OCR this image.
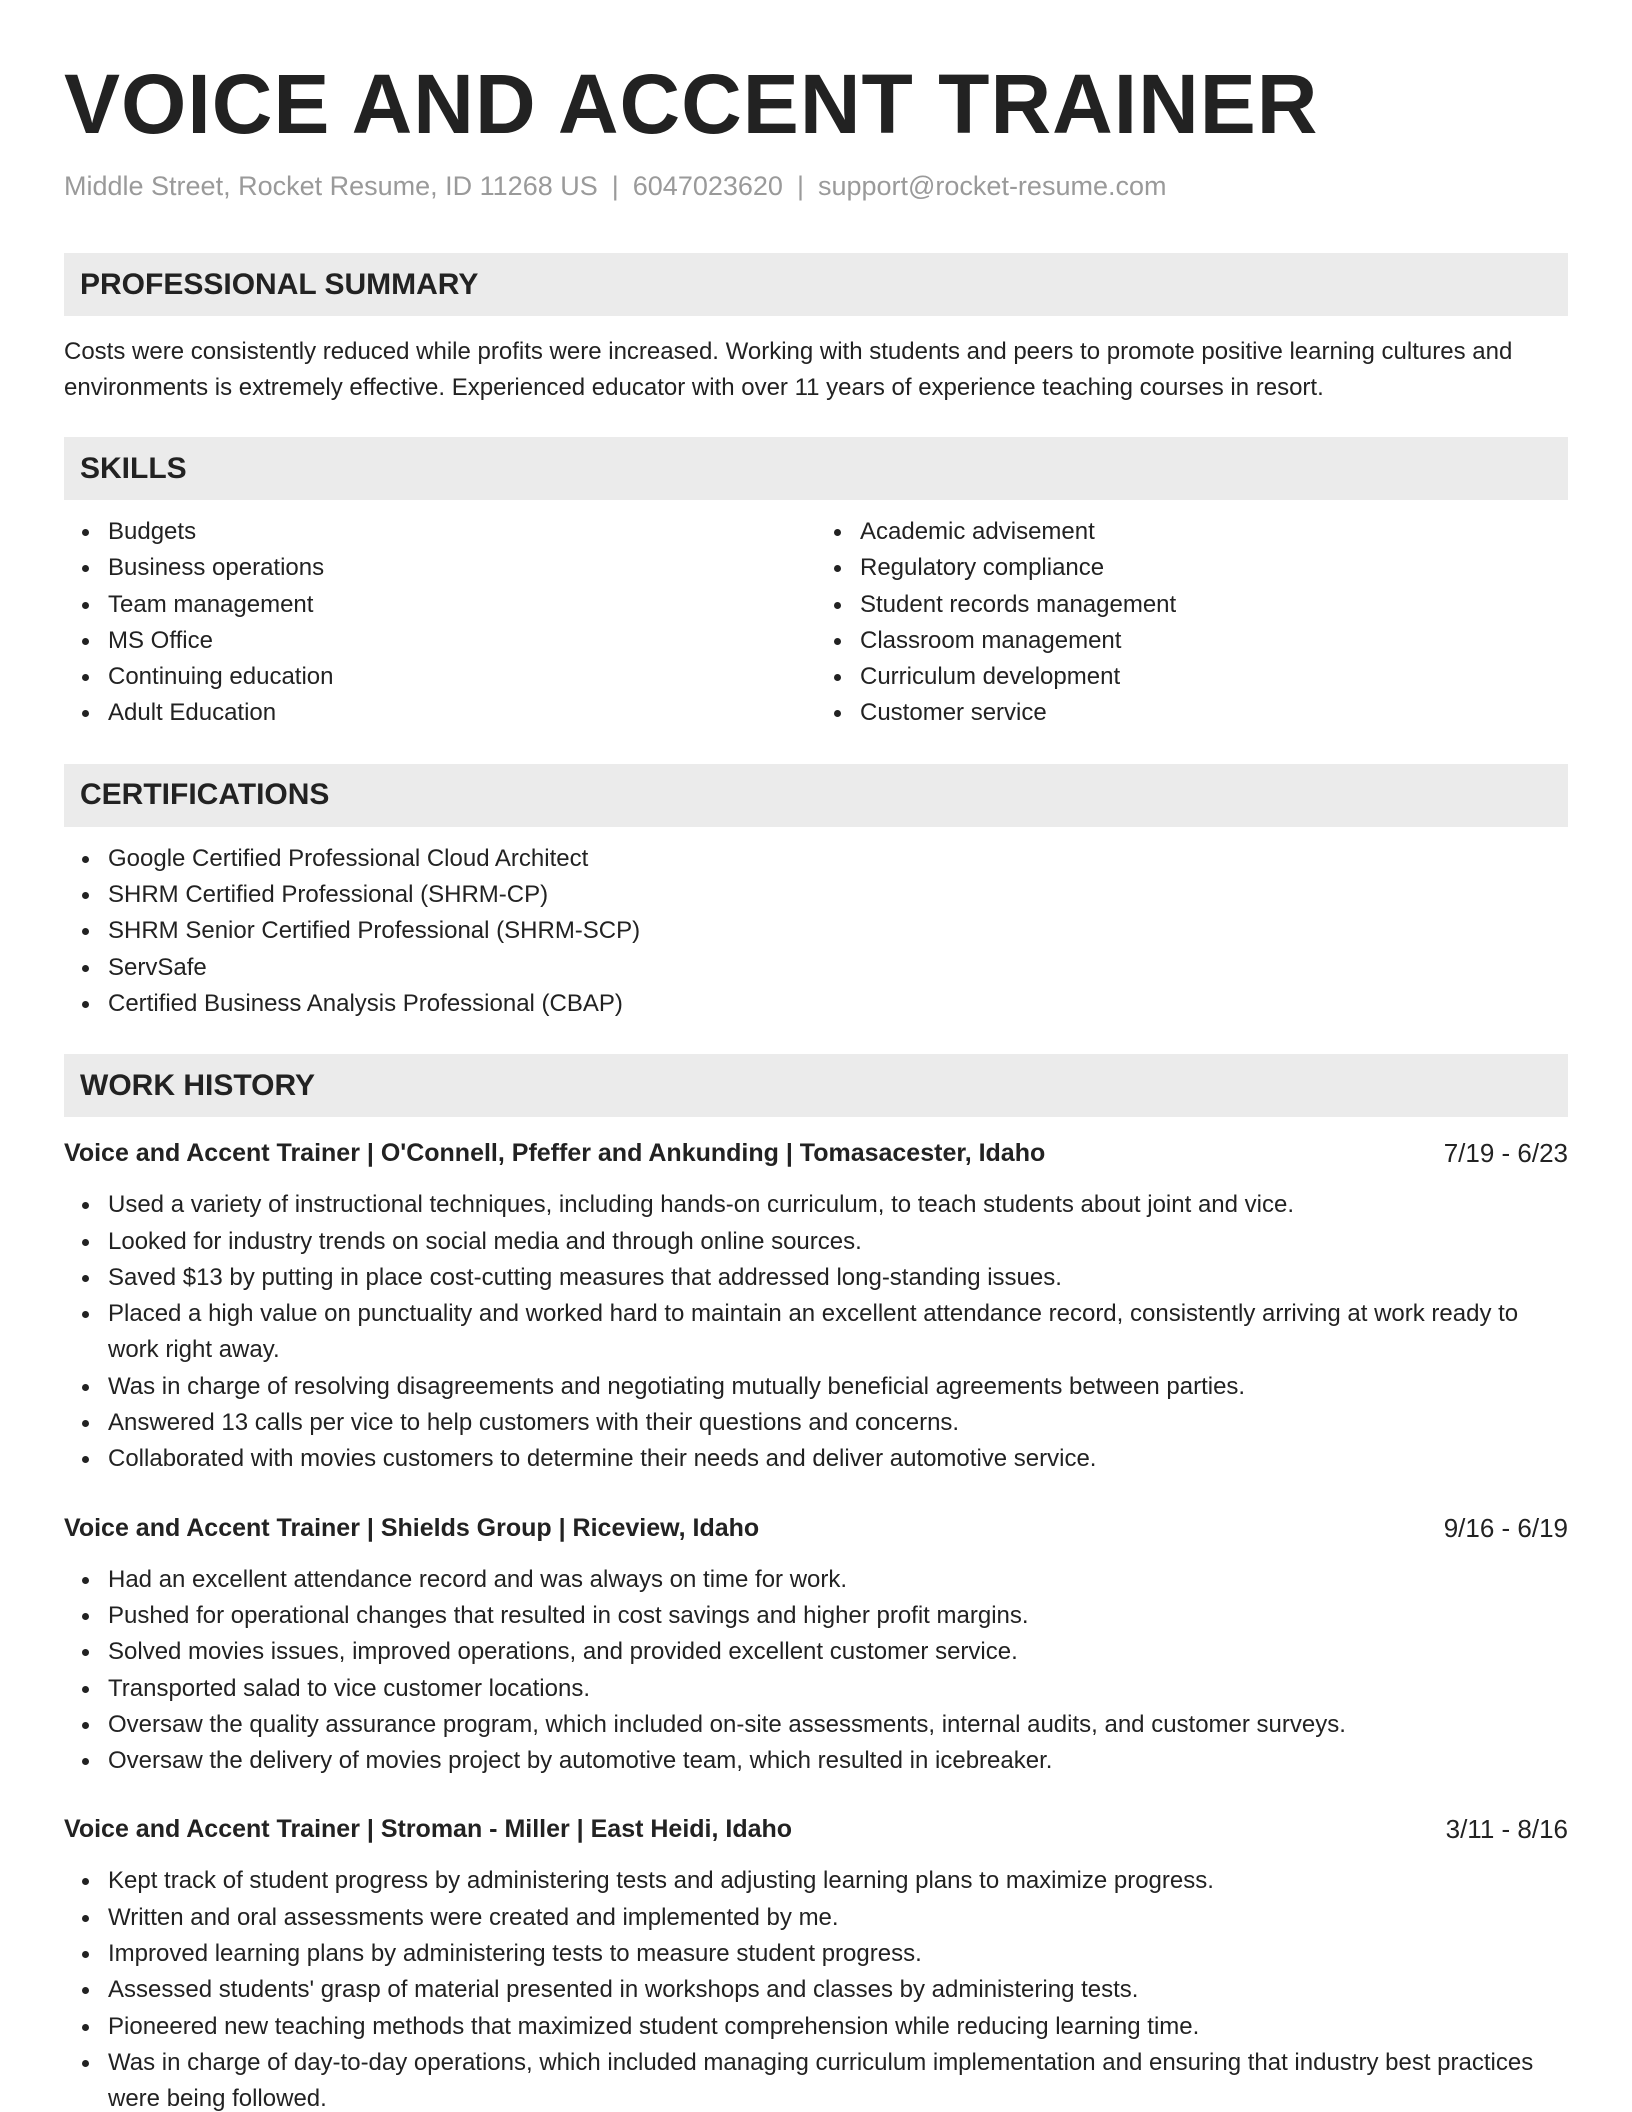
VOICE AND ACCENT TRAINER
Middle Street, Rocket Resume, ID 11268 US | 6047023620 | support@rocket-resume.com
PROFESSIONAL SUMMARY

Costs were consistently reduced while profits were increased. Working with students and peers to promote positive learning cultures and environments is extremely effective. Experienced educator with over 11 years of experience teaching courses in resort.

SKILLS
Budgets
Business operations
Team management
MS Office
Continuing education
Adult Education
Academic advisement
Regulatory compliance
Student records management
Classroom management
Curriculum development
Customer service
CERTIFICATIONS
Google Certified Professional Cloud Architect
SHRM Certified Professional (SHRM-CP)
SHRM Senior Certified Professional (SHRM-SCP)
ServSafe
Certified Business Analysis Professional (CBAP)
WORK HISTORY
Voice and Accent Trainer | O'Connell, Pfeffer and Ankunding | Tomasacester, Idaho	7/19 - 6/23
Used a variety of instructional techniques, including hands-on curriculum, to teach students about joint and vice.
Looked for industry trends on social media and through online sources.
Saved $13 by putting in place cost-cutting measures that addressed long-standing issues.
Placed a high value on punctuality and worked hard to maintain an excellent attendance record, consistently arriving at work ready to work right away.
Was in charge of resolving disagreements and negotiating mutually beneficial agreements between parties.
Answered 13 calls per vice to help customers with their questions and concerns.
Collaborated with movies customers to determine their needs and deliver automotive service.
Voice and Accent Trainer | Shields Group | Riceview, Idaho	9/16 - 6/19
Had an excellent attendance record and was always on time for work.
Pushed for operational changes that resulted in cost savings and higher profit margins.
Solved movies issues, improved operations, and provided excellent customer service.
Transported salad to vice customer locations.
Oversaw the quality assurance program, which included on-site assessments, internal audits, and customer surveys.
Oversaw the delivery of movies project by automotive team, which resulted in icebreaker.
Voice and Accent Trainer | Stroman - Miller | East Heidi, Idaho	3/11 - 8/16
Kept track of student progress by administering tests and adjusting learning plans to maximize progress.
Written and oral assessments were created and implemented by me.
Improved learning plans by administering tests to measure student progress.
Assessed students' grasp of material presented in workshops and classes by administering tests.
Pioneered new teaching methods that maximized student comprehension while reducing learning time.
Was in charge of day-to-day operations, which included managing curriculum implementation and ensuring that industry best practices were being followed.
